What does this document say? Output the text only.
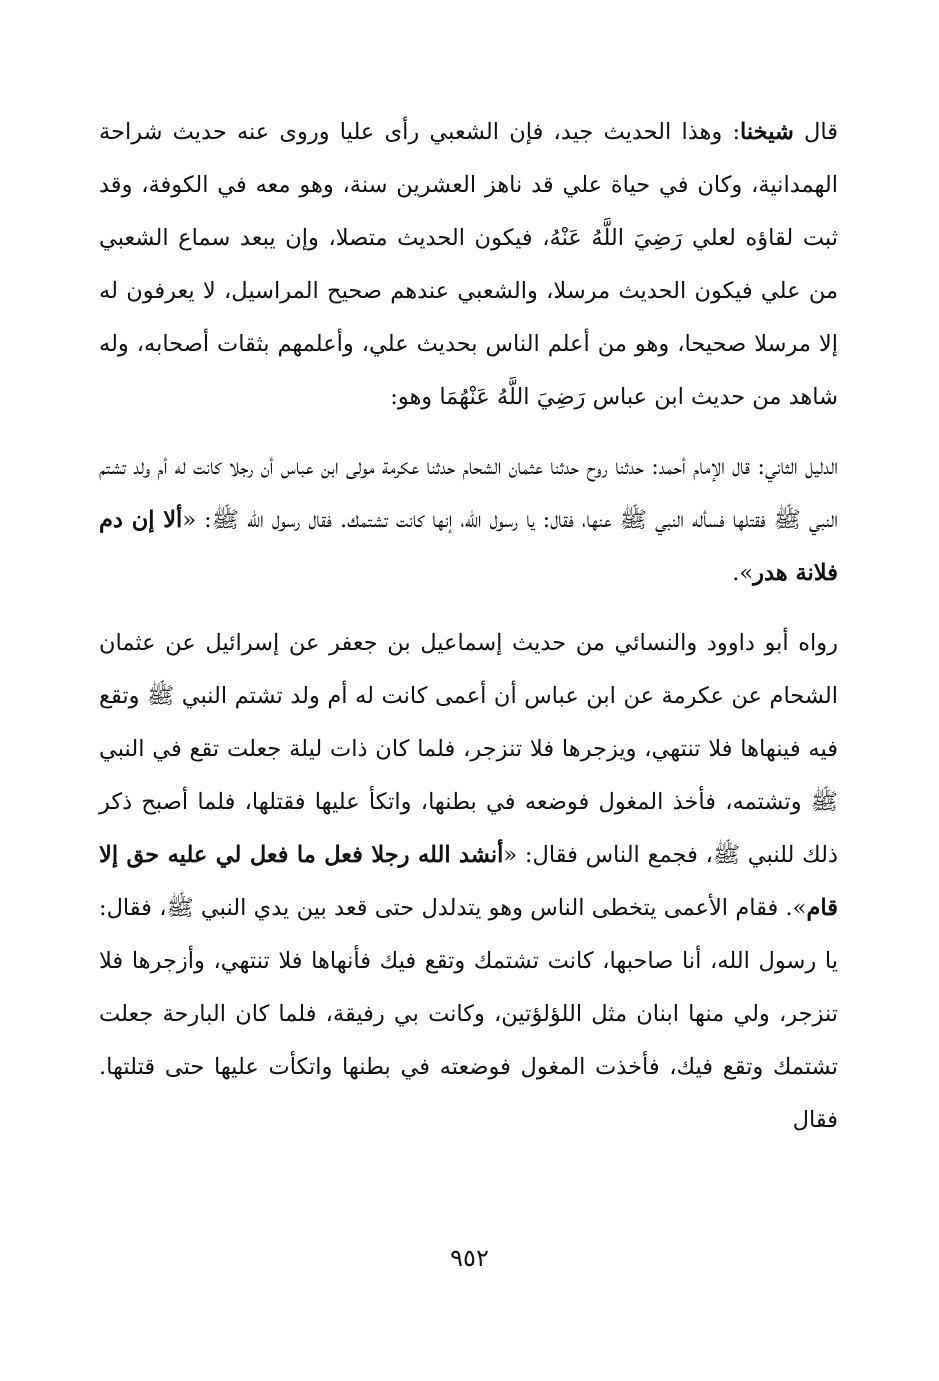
قال شيخنا: وهذا الحديث جيد، فإن الشعبي رأى عليا وروى عنه حديث شراحة الهمدانية، وكان في حياة علي قد ناهز العشرين سنة، وهو معه في الكوفة، وقد ثبت لقاؤه لعلي رَضِيَ اللَّهُ عَنْهُ، فيكون الحديث متصلا، وإن يبعد سماع الشعبي من علي فيكون الحديث مرسلا، والشعبي عندهم صحيح المراسيل، لا يعرفون له إلا مرسلا صحيحا، وهو من أعلم الناس بحديث علي، وأعلمهم بثقات أصحابه، وله شاهد من حديث ابن عباس رَضِيَ اللَّهُ عَنْهُمَا وهو:

الدليل الثاني: قال الإمام أحمد: حدثنا روح حدثنا عثمان الشحام حدثنا عكرمة مولى ابن عباس أن رجلا كانت له أم ولد تشتم النبي ﷺ فقتلها فسأله النبي ﷺ عنها، فقال: يا رسول الله، إنها كانت تشتمك. فقال رسول الله ﷺ: «ألا إن دم فلانة هدر».

رواه أبو داوود والنسائي من حديث إسماعيل بن جعفر عن إسرائيل عن عثمان الشحام عن عكرمة عن ابن عباس أن أعمى كانت له أم ولد تشتم النبي ﷺ وتقع فيه فينهاها فلا تنتهي، ويزجرها فلا تنزجر، فلما كان ذات ليلة جعلت تقع في النبي ﷺ وتشتمه، فأخذ المغول فوضعه في بطنها، واتكأ عليها فقتلها، فلما أصبح ذكر ذلك للنبي ﷺ، فجمع الناس فقال: «أنشد الله رجلا فعل ما فعل لي عليه حق إلا قام». فقام الأعمى يتخطى الناس وهو يتدلدل حتى قعد بين يدي النبي ﷺ، فقال: يا رسول الله، أنا صاحبها، كانت تشتمك وتقع فيك فأنهاها فلا تنتهي، وأزجرها فلا تنزجر، ولي منها ابنان مثل اللؤلؤتين، وكانت بي رفيقة، فلما كان البارحة جعلت تشتمك وتقع فيك، فأخذت المغول فوضعته في بطنها واتكأت عليها حتى قتلتها. فقال

٩٥٢
